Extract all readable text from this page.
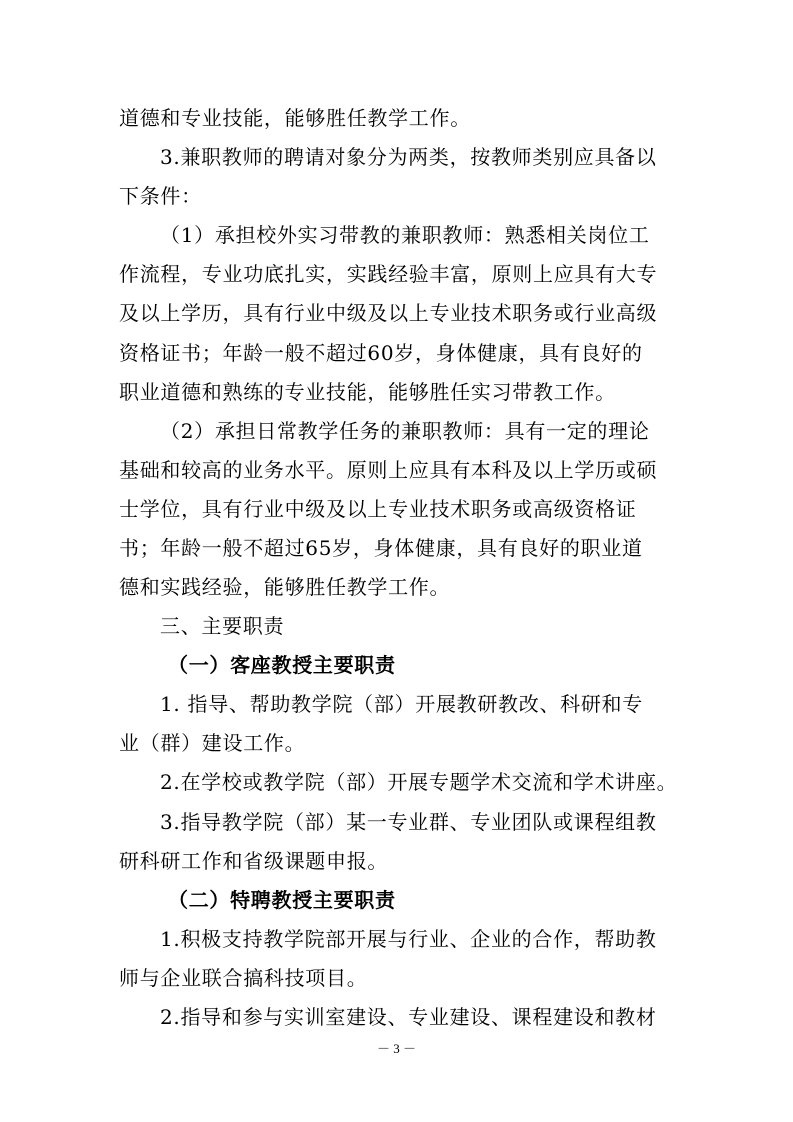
－ 3 －
道德和专业技能，能够胜任教学工作。
3.兼职教师的聘请对象分为两类，按教师类别应具备以
下条件：
（1）承担校外实习带教的兼职教师：熟悉相关岗位工
作流程，专业功底扎实，实践经验丰富，原则上应具有大专
及以上学历，具有行业中级及以上专业技术职务或行业高级
资格证书；年龄一般不超过60岁，身体健康，具有良好的
职业道德和熟练的专业技能，能够胜任实习带教工作。
（2）承担日常教学任务的兼职教师：具有一定的理论
基础和较高的业务水平。原则上应具有本科及以上学历或硕
士学位，具有行业中级及以上专业技术职务或高级资格证
书；年龄一般不超过65岁，身体健康，具有良好的职业道
德和实践经验，能够胜任教学工作。
三、主要职责
（一）客座教授主要职责
1. 指导、帮助教学院（部）开展教研教改、科研和专
业（群）建设工作。
2.在学校或教学院（部）开展专题学术交流和学术讲座。
3.指导教学院（部）某一专业群、专业团队或课程组教
研科研工作和省级课题申报。
（二）特聘教授主要职责
1.积极支持教学院部开展与行业、企业的合作，帮助教
师与企业联合搞科技项目。
2.指导和参与实训室建设、专业建设、课程建设和教材
